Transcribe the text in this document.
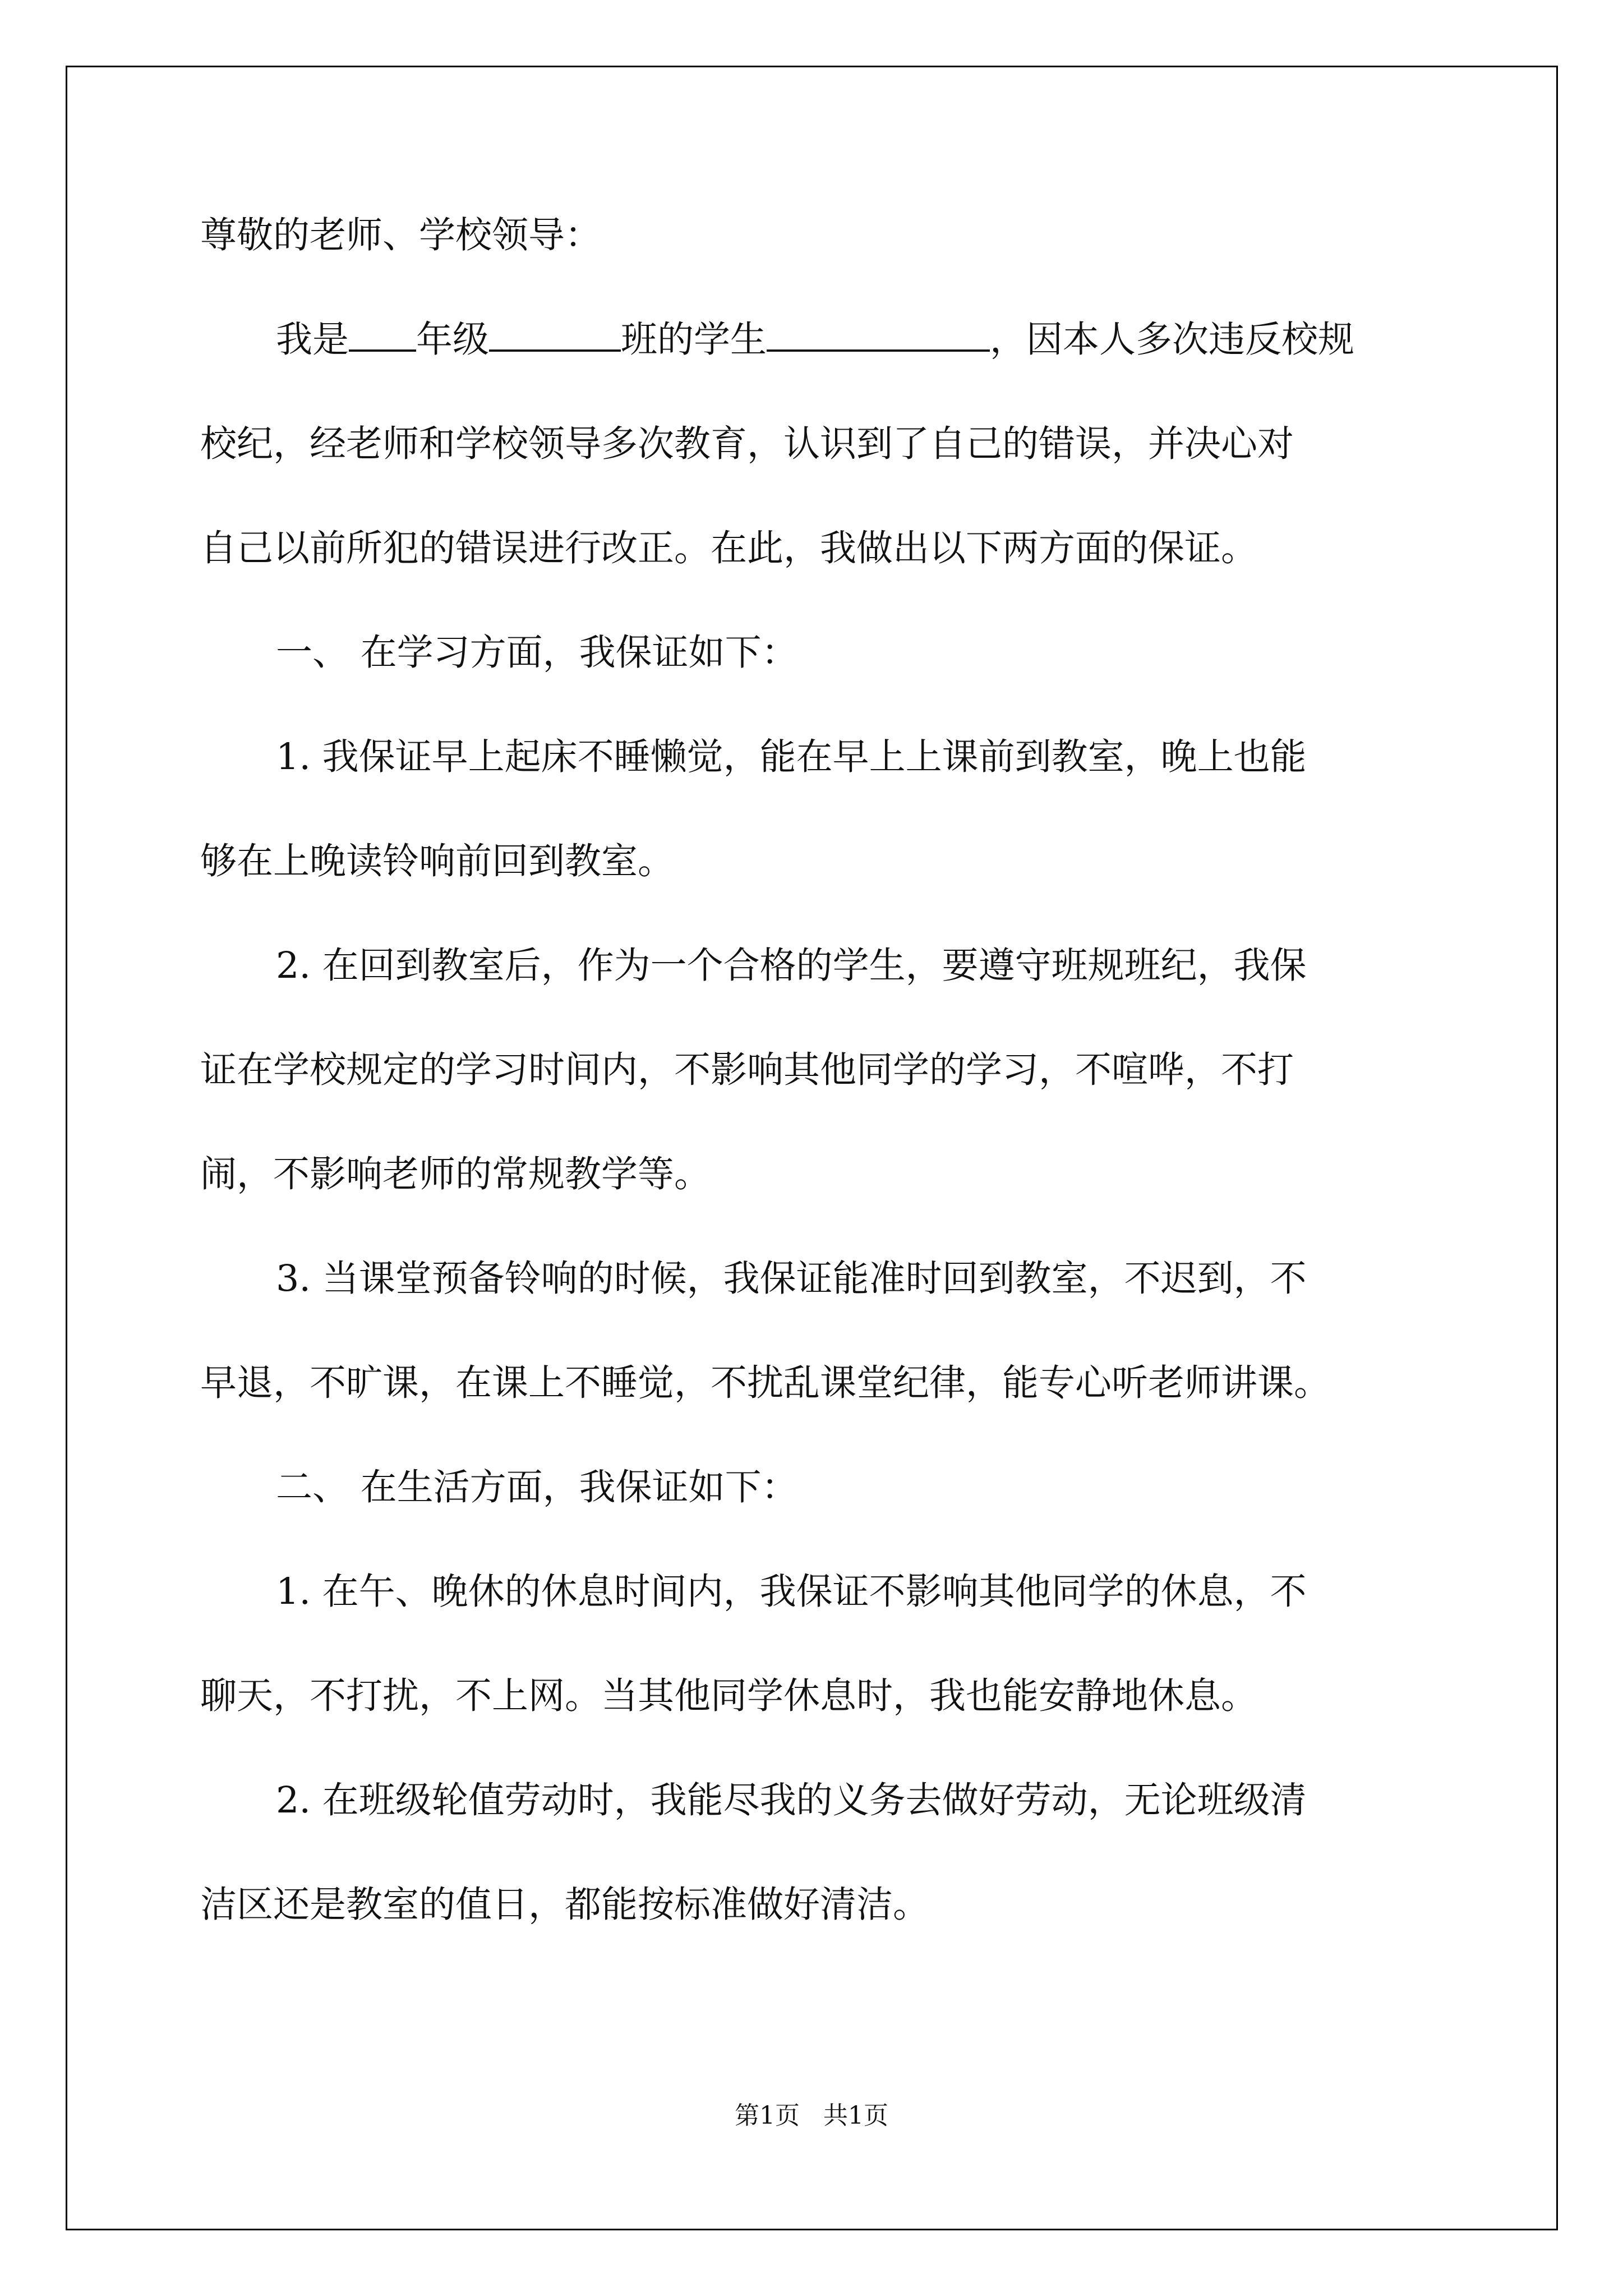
尊敬的老师、学校领导：

我是 年级	班的学生	，因本人多次违反校规

校纪，经老师和学校领导多次教育，认识到了自己的错误，并决心对

自己以前所犯的错误进行改正。在此，我做出以下两方面的保证。

一、 在学习方面，我保证如下：

1. 我保证早上起床不睡懒觉，能在早上上课前到教室，晚上也能

够在上晚读铃响前回到教室。

2. 在回到教室后，作为一个合格的学生，要遵守班规班纪，我保

证在学校规定的学习时间内，不影响其他同学的学习，不喧哗，不打

闹，不影响老师的常规教学等。

3. 当课堂预备铃响的时候，我保证能准时回到教室，不迟到，不

早退，不旷课，在课上不睡觉，不扰乱课堂纪律，能专心听老师讲课。

二、 在生活方面，我保证如下：

1. 在午、晚休的休息时间内，我保证不影响其他同学的休息，不

聊天，不打扰，不上网。当其他同学休息时，我也能安静地休息。

2. 在班级轮值劳动时，我能尽我的义务去做好劳动，无论班级清

洁区还是教室的值日，都能按标准做好清洁。

第1页   共1页
